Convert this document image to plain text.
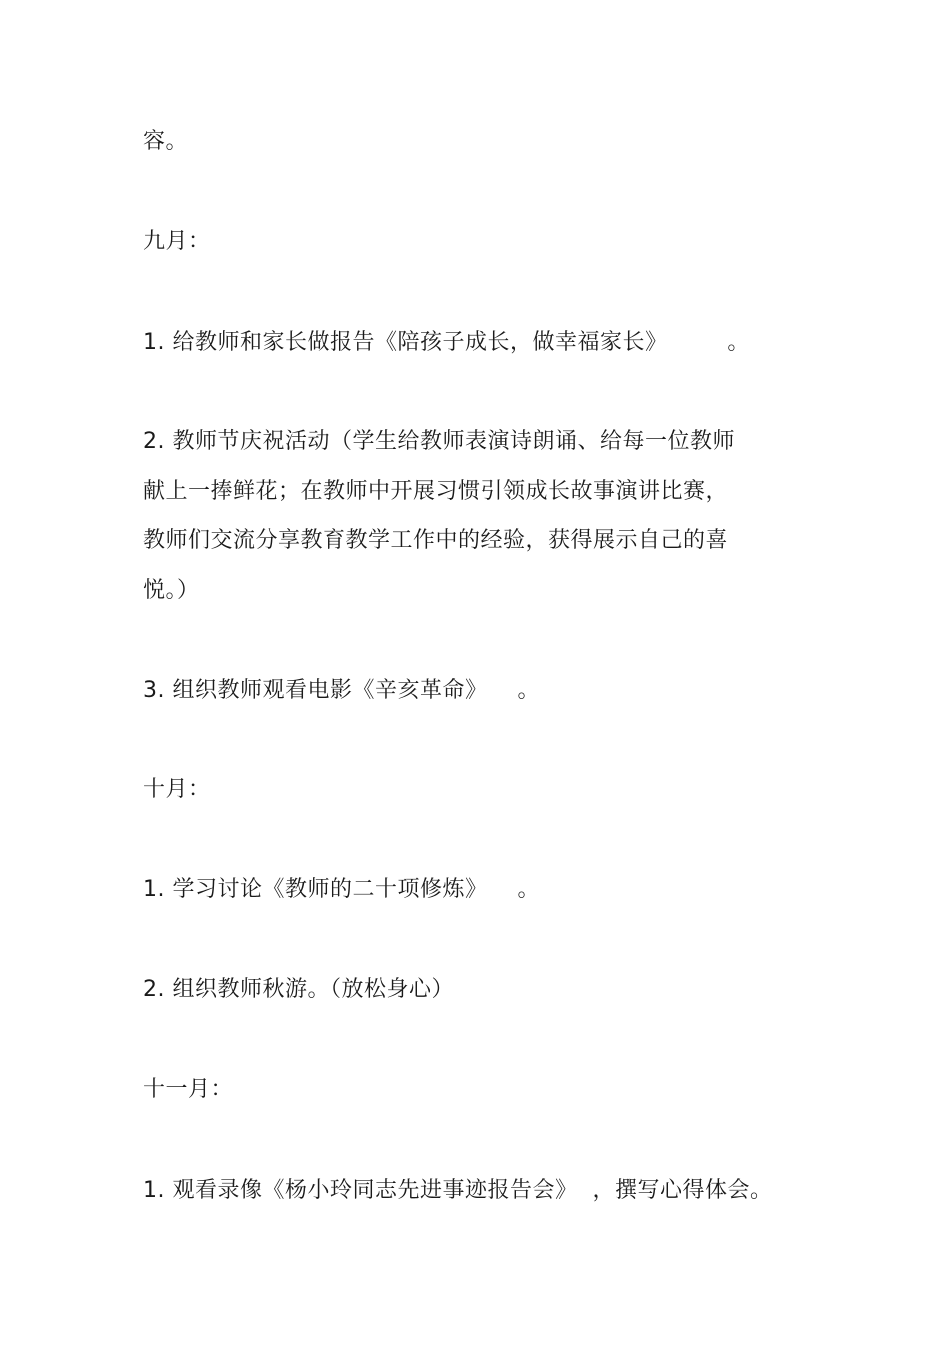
容。
九月：
1. 给教师和家长做报告《陪孩子成长，做幸福家长》        。
2. 教师节庆祝活动（学生给教师表演诗朗诵、给每一位教师
献上一捧鲜花；在教师中开展习惯引领成长故事演讲比赛，
教师们交流分享教育教学工作中的经验，获得展示自己的喜
悦。）
3. 组织教师观看电影《辛亥革命》    。
十月：
1. 学习讨论《教师的二十项修炼》    。
2. 组织教师秋游。（放松身心）
十一月：
1. 观看录像《杨小玲同志先进事迹报告会》  ，撰写心得体会。
